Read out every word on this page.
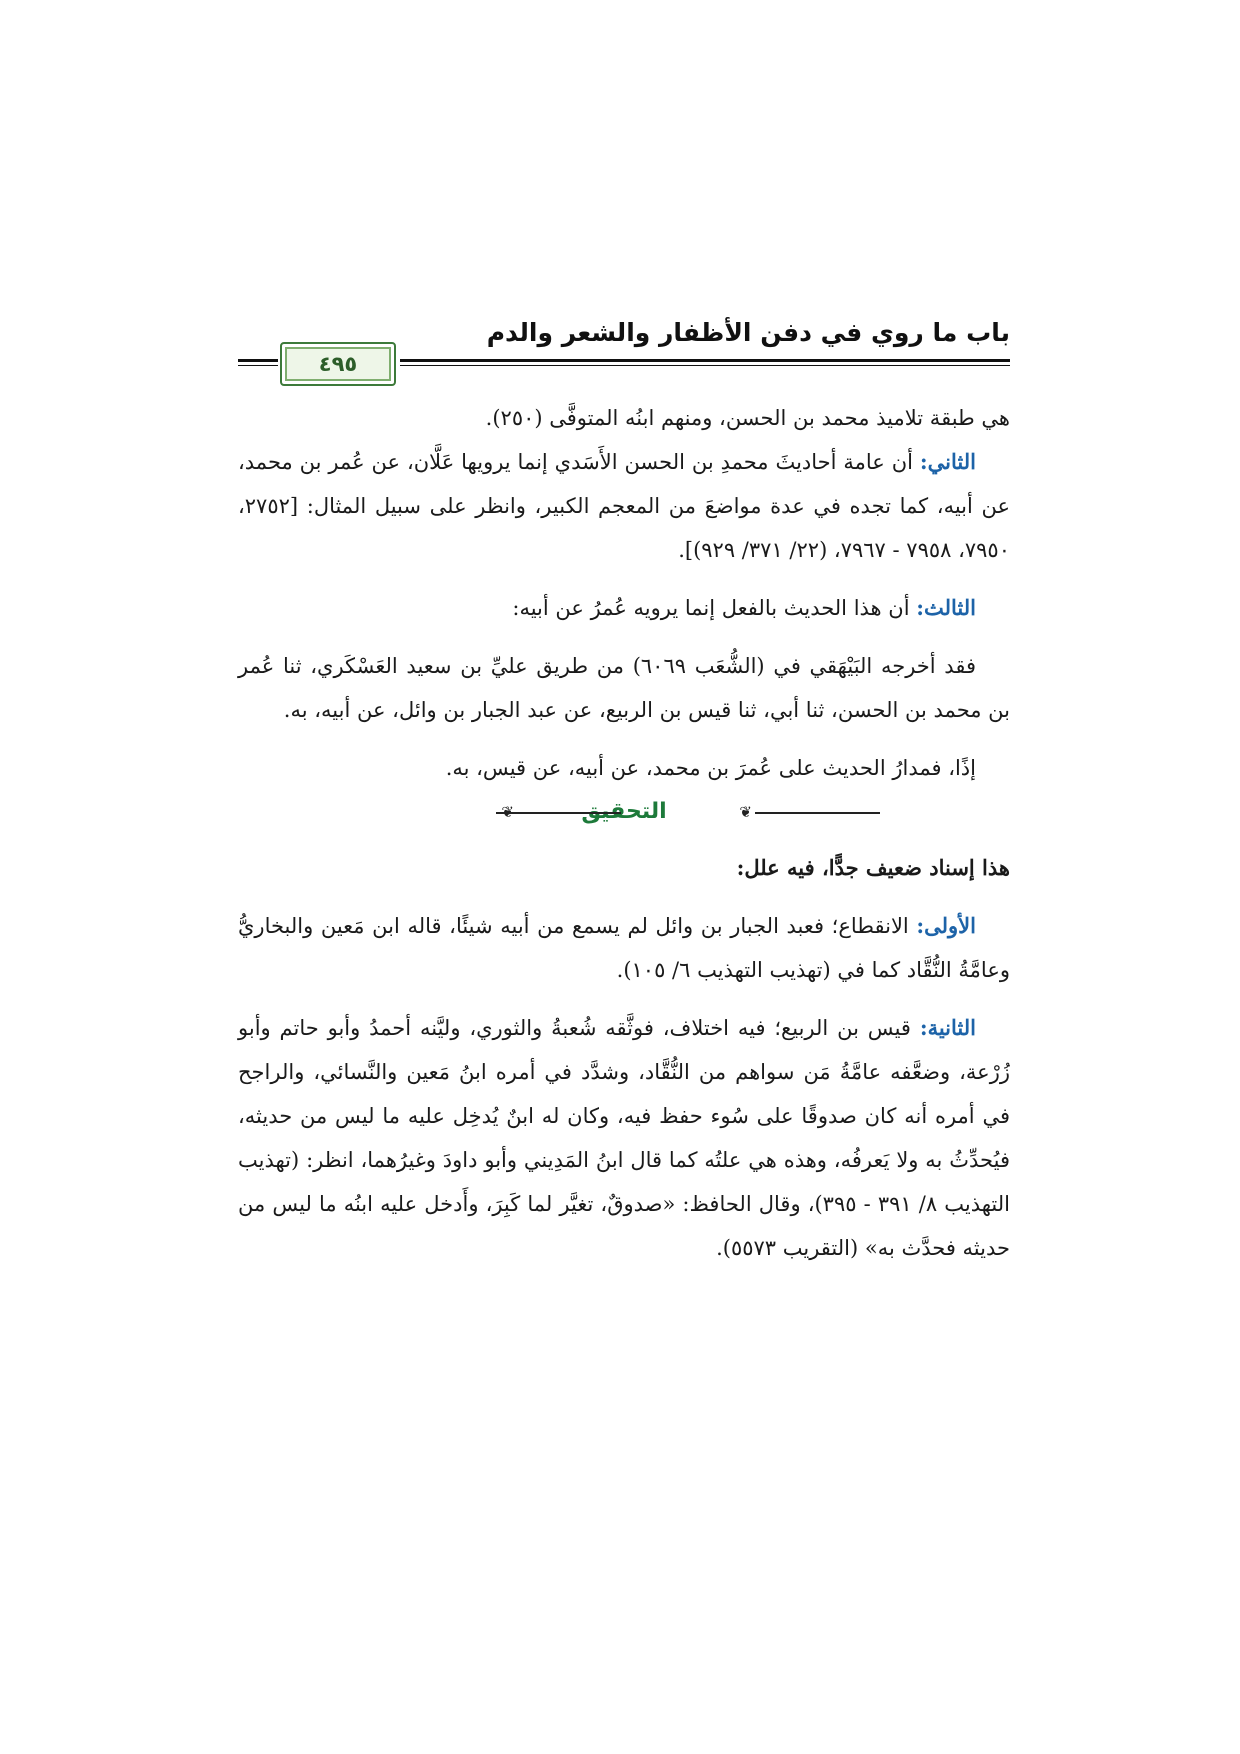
باب ما روي في دفن الأظفار والشعر والدم
٤٩٥

هي طبقة تلاميذ محمد بن الحسن، ومنهم ابنُه المتوفَّى (٢٥٠).

الثاني: أن عامة أحاديثَ محمدِ بن الحسن الأَسَدي إنما يرويها عَلَّان، عن عُمر بن محمد، عن أبيه، كما تجده في عدة مواضعَ من المعجم الكبير، وانظر على سبيل المثال: [٢٧٥٢، ٧٩٥٠، ٧٩٥٨ - ٧٩٦٧، (٢٢/ ٣٧١/ ٩٢٩)].

الثالث: أن هذا الحديث بالفعل إنما يرويه عُمرُ عن أبيه:

فقد أخرجه البَيْهَقي في (الشُّعَب ٦٠٦٩) من طريق عليِّ بن سعيد العَسْكَري، ثنا عُمر بن محمد بن الحسن، ثنا أبي، ثنا قيس بن الربيع، عن عبد الجبار بن وائل، عن أبيه، به.

إذًا، فمدارُ الحديث على عُمرَ بن محمد، عن أبيه، عن قيس، به.

❦
التحقيق
❦

هذا إسناد ضعيف جدًّا، فيه علل:

الأولى: الانقطاع؛ فعبد الجبار بن وائل لم يسمع من أبيه شيئًا، قاله ابن مَعين والبخاريُّ وعامَّةُ النُّقَّاد كما في (تهذيب التهذيب ٦/ ١٠٥).

الثانية: قيس بن الربيع؛ فيه اختلاف، فوثَّقه شُعبةُ والثوري، وليَّنه أحمدُ وأبو حاتم وأبو زُرْعة، وضعَّفه عامَّةُ مَن سواهم من النُّقَّاد، وشدَّد في أمره ابنُ مَعين والنَّسائي، والراجح في أمره أنه كان صدوقًا على سُوء حفظ فيه، وكان له ابنٌ يُدخِل عليه ما ليس من حديثه، فيُحدِّثُ به ولا يَعرفُه، وهذه هي علتُه كما قال ابنُ المَدِيني وأبو داودَ وغيرُهما، انظر: (تهذيب التهذيب ٨/ ٣٩١ - ٣٩٥)، وقال الحافظ: «صدوقٌ، تغيَّر لما كَبِرَ، وأَدخل عليه ابنُه ما ليس من حديثه فحدَّث به» (التقريب ٥٥٧٣).
